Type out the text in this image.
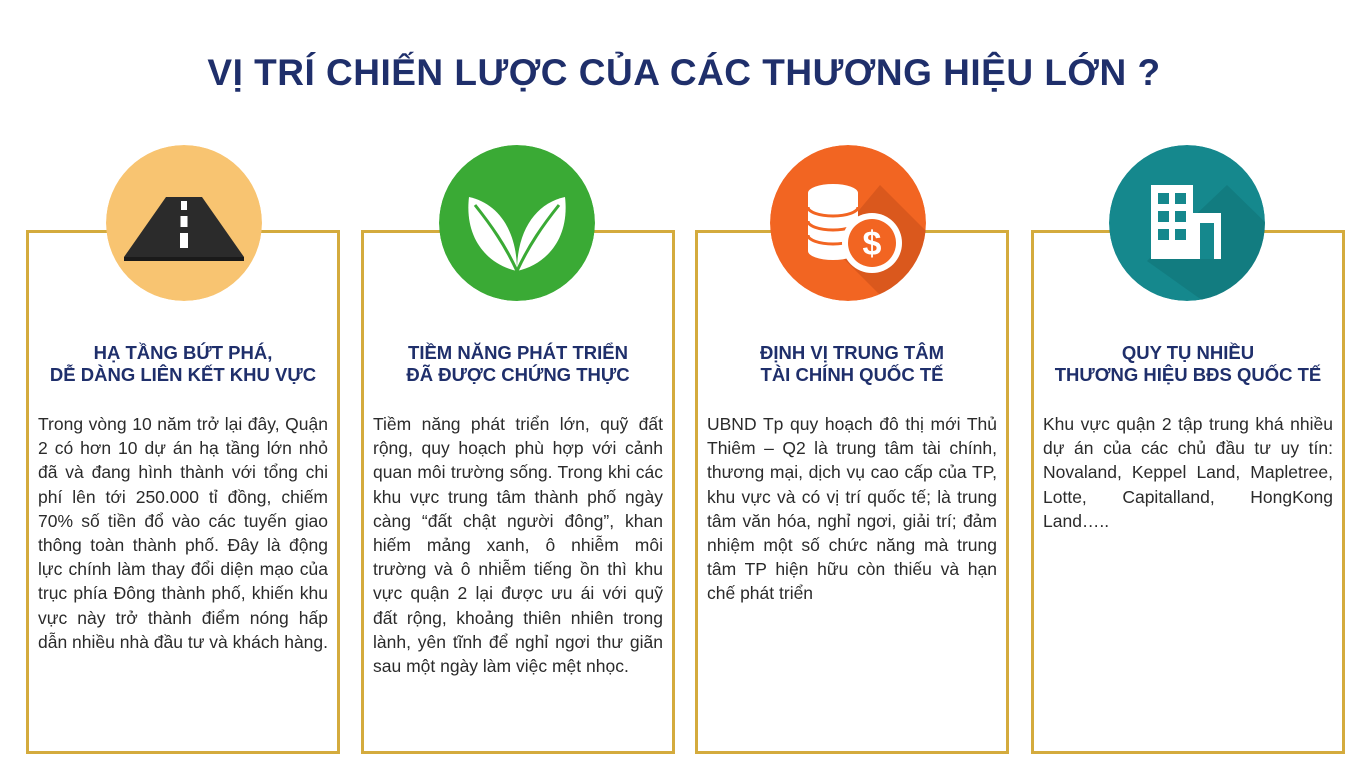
VỊ TRÍ CHIẾN LƯỢC CỦA CÁC THƯƠNG HIỆU LỚN ?
HẠ TẦNG BỨT PHÁ,
DỄ DÀNG LIÊN KẾT KHU VỰC
Trong vòng 10 năm trở lại đây, Quận 2 có hơn 10 dự án hạ tầng lớn nhỏ đã và đang hình thành với tổng chi phí lên tới 250.000 tỉ đồng, chiếm 70% số tiền đổ vào các tuyến giao thông toàn thành phố. Đây là động lực chính làm thay đổi diện mạo của trục phía Đông thành phố, khiến khu vực này trở thành điểm nóng hấp dẫn nhiều nhà đầu tư và khách hàng.
TIỀM NĂNG PHÁT TRIỂN
ĐÃ ĐƯỢC CHỨNG THỰC
Tiềm năng phát triển lớn, quỹ đất rộng, quy hoạch phù hợp với cảnh quan môi trường sống. Trong khi các khu vực trung tâm thành phố ngày càng “đất chật người đông”, khan hiếm mảng xanh, ô nhiễm môi trường và ô nhiễm tiếng ồn thì khu vực quận 2 lại được ưu ái với quỹ đất rộng, khoảng thiên nhiên trong lành, yên tĩnh để nghỉ ngơi thư giãn sau một ngày làm việc mệt nhọc.
ĐỊNH VỊ TRUNG TÂM
TÀI CHÍNH QUỐC TẾ
UBND Tp quy hoạch đô thị mới Thủ Thiêm – Q2 là trung tâm tài chính, thương mại, dịch vụ cao cấp của TP, khu vực và có vị trí quốc tế; là trung tâm văn hóa, nghỉ ngơi, giải trí; đảm nhiệm một số chức năng mà trung tâm TP hiện hữu còn thiếu và hạn chế phát triển
QUY TỤ NHIỀU
THƯƠNG HIỆU BĐS QUỐC TẾ
Khu vực quận 2 tập trung khá nhiều dự án của các chủ đầu tư uy tín: Novaland, Keppel Land, Mapletree, Lotte, Capitalland, HongKong Land…..
$
